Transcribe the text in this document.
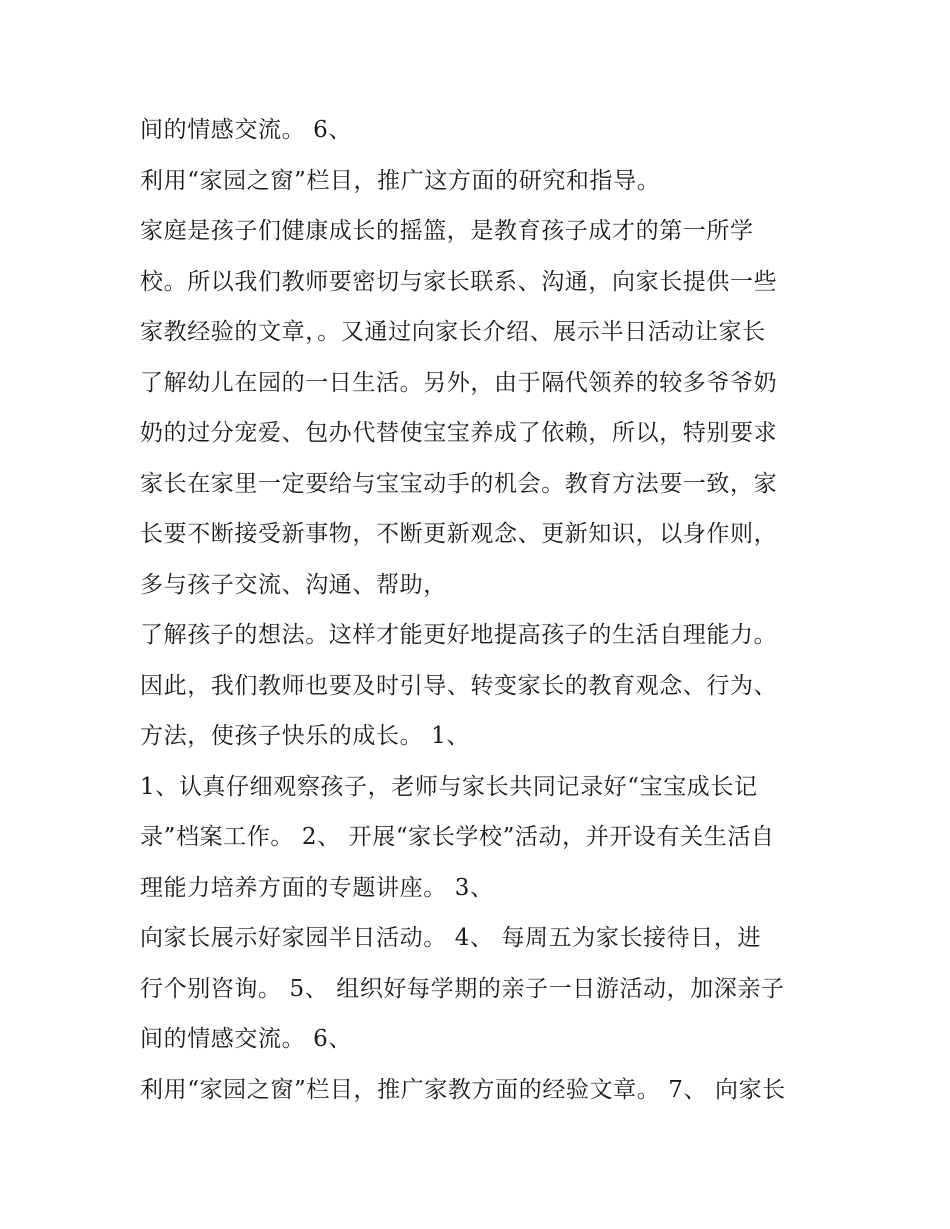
间的情感交流。 6、
利用“家园之窗”栏目，推广这方面的研究和指导。
家庭是孩子们健康成长的摇篮，是教育孩子成才的第一所学
校。所以我们教师要密切与家长联系、沟通，向家长提供一些
家教经验的文章，。又通过向家长介绍、展示半日活动让家长
了解幼儿在园的一日生活。另外，由于隔代领养的较多爷爷奶
奶的过分宠爱、包办代替使宝宝养成了依赖，所以，特别要求
家长在家里一定要给与宝宝动手的机会。教育方法要一致，家
长要不断接受新事物，不断更新观念、更新知识，以身作则，
多与孩子交流、沟通、帮助，
了解孩子的想法。这样才能更好地提高孩子的生活自理能力。
因此，我们教师也要及时引导、转变家长的教育观念、行为、
方法，使孩子快乐的成长。 1、
1、认真仔细观察孩子，老师与家长共同记录好“宝宝成长记
录”档案工作。 2、 开展“家长学校”活动，并开设有关生活自
理能力培养方面的专题讲座。 3、
向家长展示好家园半日活动。 4、 每周五为家长接待日，进
行个别咨询。 5、 组织好每学期的亲子一日游活动，加深亲子
间的情感交流。 6、
利用“家园之窗”栏目，推广家教方面的经验文章。 7、 向家长
